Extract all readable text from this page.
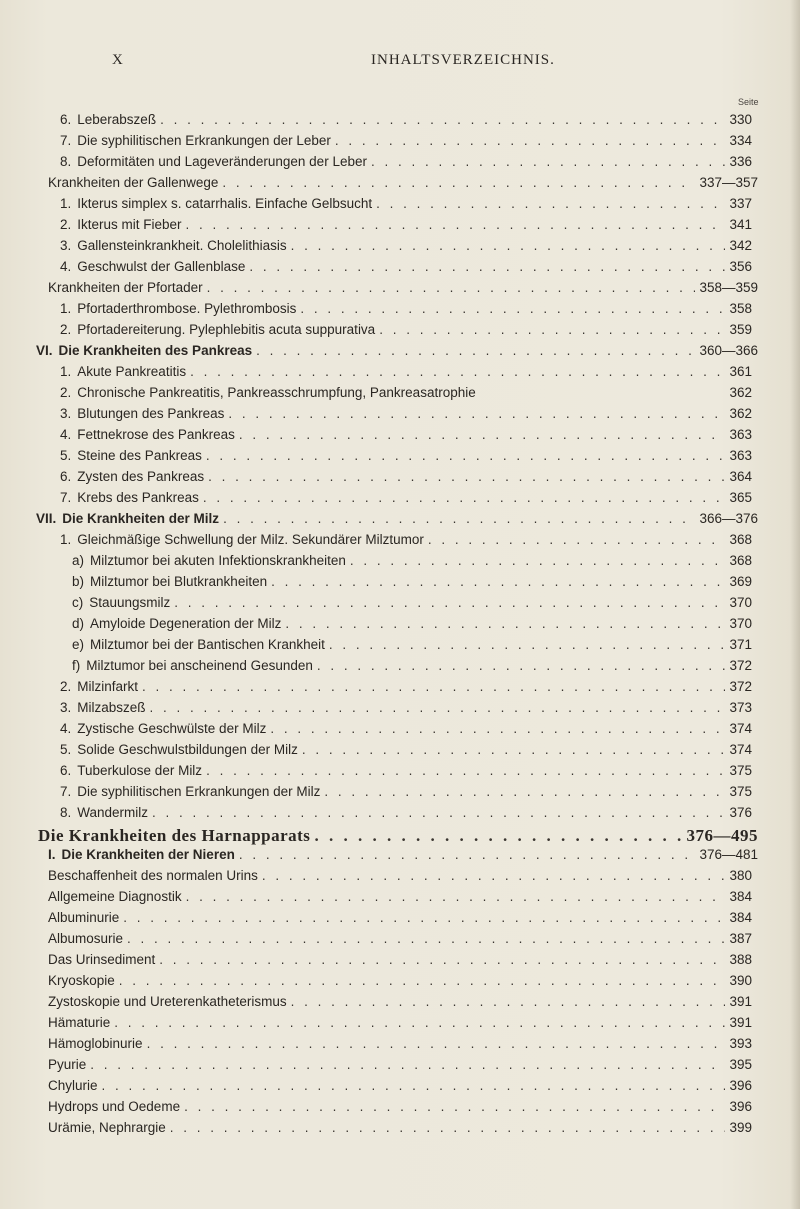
X	INHALTSVERZEICHNIS.
Seite
6. Leberabszeß . . .	330
7. Die syphilitischen Erkrankungen der Leber . . .	334
8. Deformitäten und Lageveränderungen der Leber . . .	336
Krankheiten der Gallenwege . . .	337—357
1. Ikterus simplex s. catarrhalis. Einfache Gelbsucht . . .	337
2. Ikterus mit Fieber . . .	341
3. Gallensteinkrankheit. Cholelithiasis . . .	342
4. Geschwulst der Gallenblase . . .	356
Krankheiten der Pfortader . . .	358—359
1. Pfortaderthrombose. Pylethrombosis . . .	358
2. Pfortadereiterung. Pylephlebitis acuta suppurativa . . .	359
VI. Die Krankheiten des Pankreas . . .	360—366
1. Akute Pankreatitis . . .	361
2. Chronische Pankreatitis, Pankreasschrumpfung, Pankreasatrophie	362
3. Blutungen des Pankreas . . .	362
4. Fettnekrose des Pankreas . . .	363
5. Steine des Pankreas . . .	363
6. Zysten des Pankreas . . .	364
7. Krebs des Pankreas . . .	365
VII. Die Krankheiten der Milz . . .	366—376
1. Gleichmäßige Schwellung der Milz. Sekundärer Milztumor . . .	368
a) Milztumor bei akuten Infektionskrankheiten . . .	368
b) Milztumor bei Blutkrankheiten . . .	369
c) Stauungsmilz . . .	370
d) Amyloide Degeneration der Milz . . .	370
e) Milztumor bei der Bantischen Krankheit . . .	371
f) Milztumor bei anscheinend Gesunden . . .	372
2. Milzinfarkt . . .	372
3. Milzabszeß . . .	373
4. Zystische Geschwülste der Milz . . .	374
5. Solide Geschwulstbildungen der Milz . . .	374
6. Tuberkulose der Milz . . .	375
7. Die syphilitischen Erkrankungen der Milz . . .	375
8. Wandermilz . . .	376
Die Krankheiten des Harnapparats . . .	376—495
I. Die Krankheiten der Nieren . . .	376—481
Beschaffenheit des normalen Urins . . .	380
Allgemeine Diagnostik . . .	384
Albuminurie . . .	384
Albumosurie . . .	387
Das Urinsediment . . .	388
Kryoskopie . . .	390
Zystoskopie und Ureterenkatheterismus . . .	391
Hämaturie . . .	391
Hämoglobinurie . . .	393
Pyurie . . .	395
Chylurie . . .	396
Hydrops und Oedeme . . .	396
Urämie, Nephrargie . . .	399
